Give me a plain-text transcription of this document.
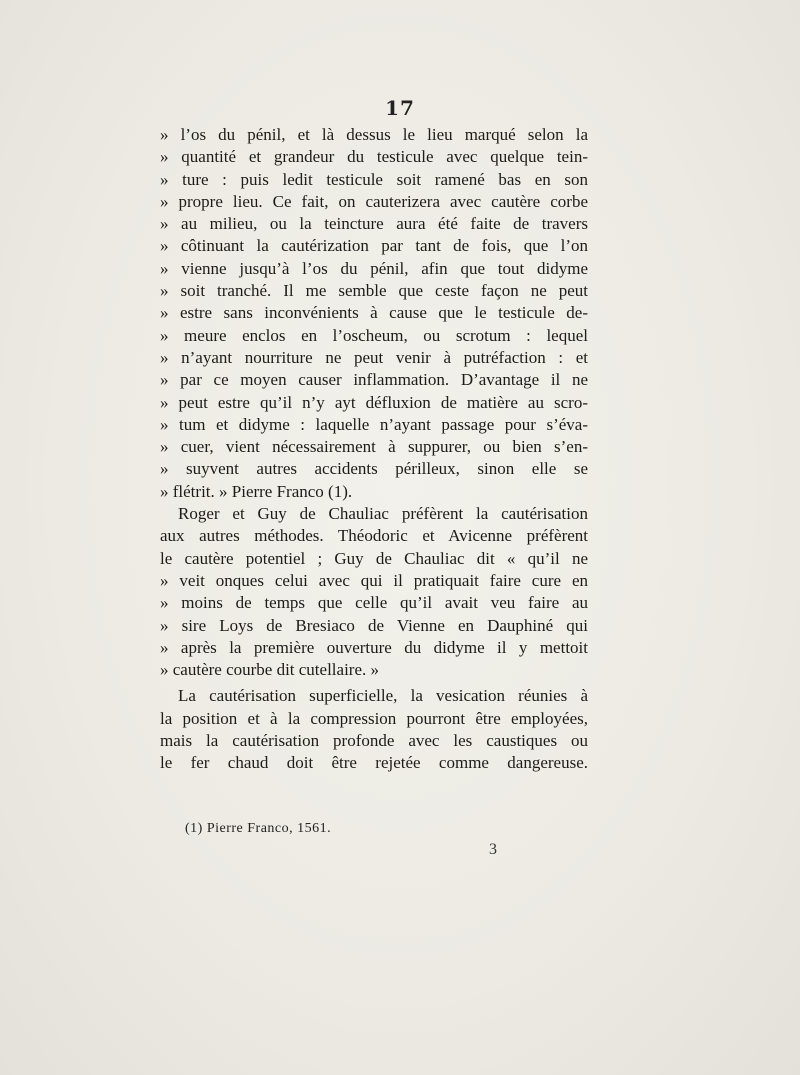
17
» l’os du pénil, et là dessus le lieu marqué selon la
» quantité et grandeur du testicule avec quelque tein-
» ture : puis ledit testicule soit ramené bas en son
» propre lieu. Ce fait, on cauterizera avec cautère corbe
» au milieu, ou la teincture aura été faite de travers
» côtinuant la cautérization par tant de fois, que l’on
» vienne jusqu’à l’os du pénil, afin que tout didyme
» soit tranché. Il me semble que ceste façon ne peut
» estre sans inconvénients à cause que le testicule de-
» meure enclos en l’oscheum, ou scrotum : lequel
» n’ayant nourriture ne peut venir à putréfaction : et
» par ce moyen causer inflammation. D’avantage il ne
» peut estre qu’il n’y ayt défluxion de matière au scro-
» tum et didyme : laquelle n’ayant passage pour s’éva-
» cuer, vient nécessairement à suppurer, ou bien s’en-
» suyvent autres accidents périlleux, sinon elle se
» flétrit. » Pierre Franco (1).
Roger et Guy de Chauliac préfèrent la cautérisation
aux autres méthodes. Théodoric et Avicenne préfèrent
le cautère potentiel ; Guy de Chauliac dit « qu’il ne
» veit onques celui avec qui il pratiquait faire cure en
» moins de temps que celle qu’il avait veu faire au
» sire Loys de Bresiaco de Vienne en Dauphiné qui
» après la première ouverture du didyme il y mettoit
» cautère courbe dit cutellaire. »
La cautérisation superficielle, la vesication réunies à
la position et à la compression pourront être employées,
mais la cautérisation profonde avec les caustiques ou
le fer chaud doit être rejetée comme dangereuse.
(1) Pierre Franco, 1561.
3
